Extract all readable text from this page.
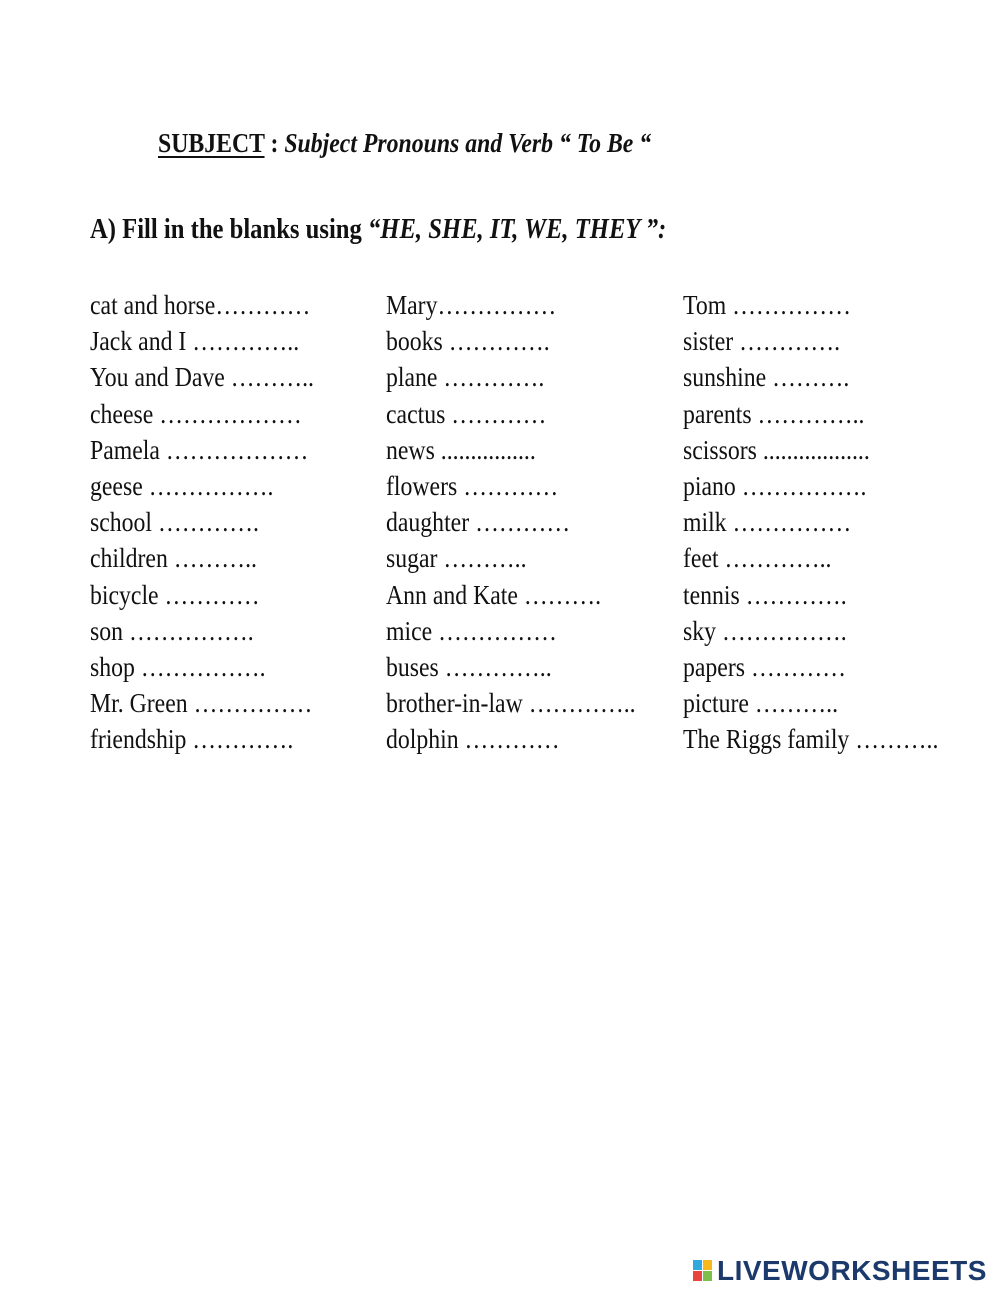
SUBJECT : Subject Pronouns and Verb “ To Be “
A) Fill in the blanks using “HE, SHE, IT, WE, THEY ”:
cat and horse…………
Jack and I …………..
You and Dave ………..
cheese ………………
Pamela ………………
geese …………….
school ………….
children ………..
bicycle …………
son …………….
shop …………….
Mr. Green ……………
friendship ………….
Mary……………
books ………….
plane ………….
cactus …………
news ................
flowers …………
daughter …………
sugar ………..
Ann and Kate ……….
mice ……………
buses …………..
brother-in-law …………..
dolphin …………
Tom ……………
sister ………….
sunshine ……….
parents …………..
scissors ..................
piano …………….
milk ……………
feet …………..
tennis ………….
sky …………….
papers …………
picture ………..
The Riggs family ………..
LIVEWORKSHEETS
